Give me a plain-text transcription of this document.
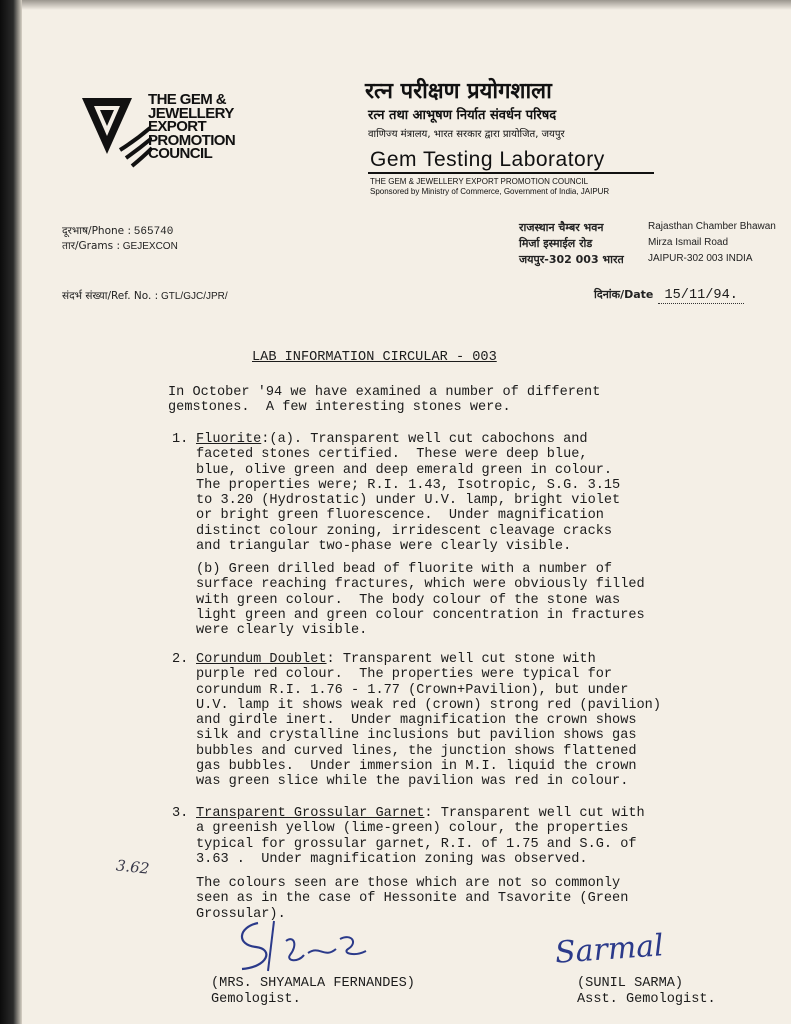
THE GEM &
JEWELLERY
EXPORT
PROMOTION
COUNCIL
रत्न परीक्षण प्रयोगशाला
रत्न तथा आभूषण निर्यात संवर्धन परिषद
वाणिज्य मंत्रालय, भारत सरकार द्वारा प्रायोजित, जयपुर
Gem Testing Laboratory
THE GEM & JEWELLERY EXPORT PROMOTION COUNCIL
Sponsored by Ministry of Commerce, Government of India, JAIPUR
दूरभाष/Phone : 565740
तार/Grams : GEJEXCON
राजस्थान चैम्बर भवन
मिर्जा इस्माईल रोड
जयपुर-302 003 भारत
Rajasthan Chamber Bhawan
Mirza Ismail Road
JAIPUR-302 003 INDIA
संदर्भ संख्या/Ref. No. : GTL/GJC/JPR/	दिनांक/Date 15/11/94.
LAB INFORMATION CIRCULAR - 003
In October '94 we have examined a number of different
gemstones.  A few interesting stones were.
1. Fluorite:(a). Transparent well cut cabochons and
faceted stones certified.  These were deep blue,
blue, olive green and deep emerald green in colour.
The properties were; R.I. 1.43, Isotropic, S.G. 3.15
to 3.20 (Hydrostatic) under U.V. lamp, bright violet
or bright green fluorescence.  Under magnification
distinct colour zoning, irridescent cleavage cracks
and triangular two-phase were clearly visible.
(b) Green drilled bead of fluorite with a number of
surface reaching fractures, which were obviously filled
with green colour.  The body colour of the stone was
light green and green colour concentration in fractures
were clearly visible.
2. Corundum Doublet: Transparent well cut stone with
purple red colour.  The properties were typical for
corundum R.I. 1.76 - 1.77 (Crown+Pavilion), but under
U.V. lamp it shows weak red (crown) strong red (pavilion)
and girdle inert.  Under magnification the crown shows
silk and crystalline inclusions but pavilion shows gas
bubbles and curved lines, the junction shows flattened
gas bubbles.  Under immersion in M.I. liquid the crown
was green slice while the pavilion was red in colour.
3. Transparent Grossular Garnet: Transparent well cut with
a greenish yellow (lime-green) colour, the properties
typical for grossular garnet, R.I. of 1.75 and S.G. of
3.63 .  Under magnification zoning was observed.
3.62
The colours seen are those which are not so commonly
seen as in the case of Hessonite and Tsavorite (Green
Grossular).
Sarmal
(MRS. SHYAMALA FERNANDES)
Gemologist.
(SUNIL SARMA)
Asst. Gemologist.
